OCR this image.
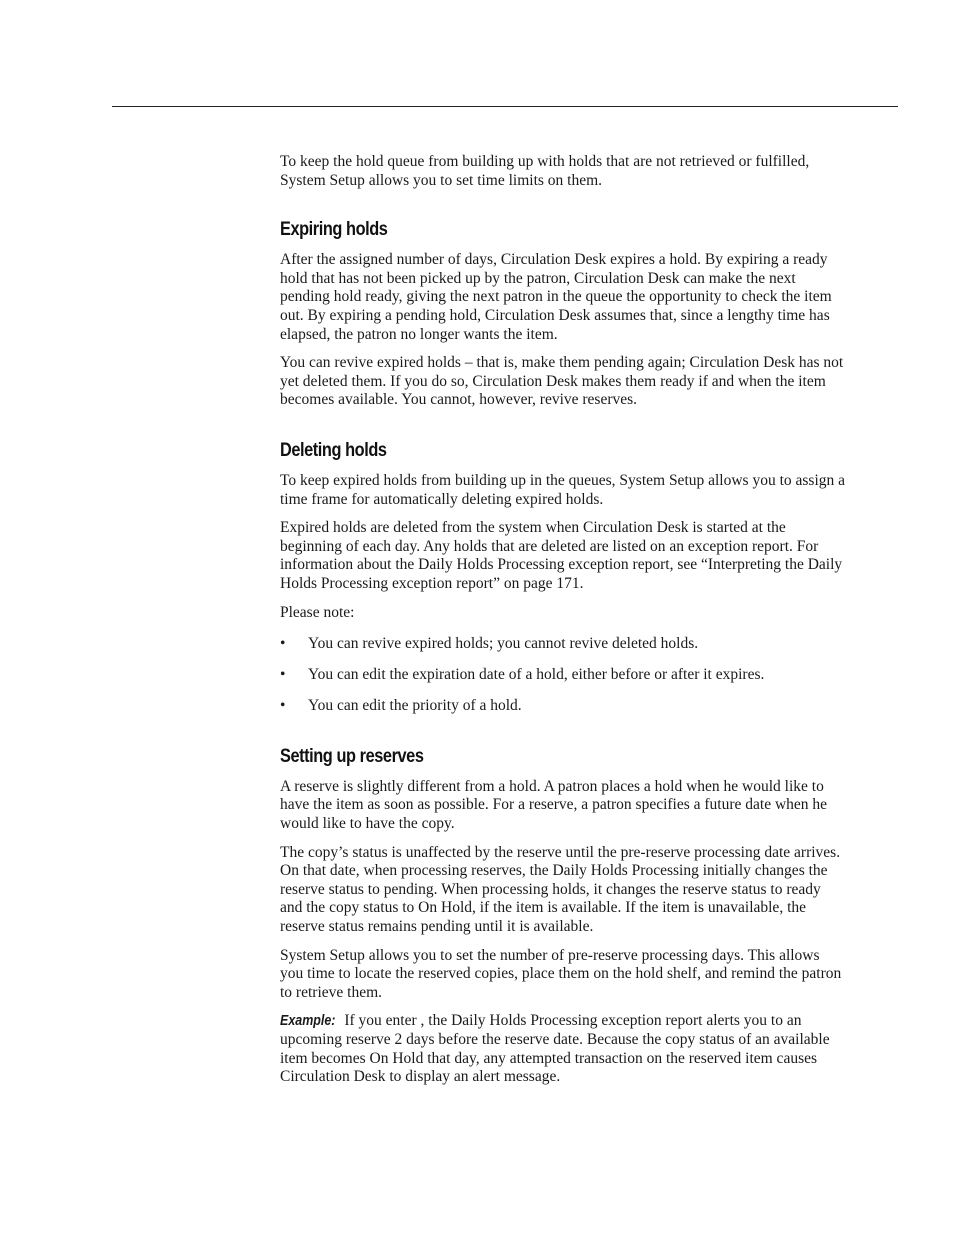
To keep the hold queue from building up with holds that are not retrieved or fulfilled, System Setup allows you to set time limits on them.

Expiring holds

After the assigned number of days, Circulation Desk expires a hold. By expiring a ready hold that has not been picked up by the patron, Circulation Desk can make the next pending hold ready, giving the next patron in the queue the opportunity to check the item out. By expiring a pending hold, Circulation Desk assumes that, since a lengthy time has elapsed, the patron no longer wants the item.

You can revive expired holds – that is, make them pending again; Circulation Desk has not yet deleted them. If you do so, Circulation Desk makes them ready if and when the item becomes available. You cannot, however, revive reserves.

Deleting holds

To keep expired holds from building up in the queues, System Setup allows you to assign a time frame for automatically deleting expired holds.

Expired holds are deleted from the system when Circulation Desk is started at the beginning of each day. Any holds that are deleted are listed on an exception report. For information about the Daily Holds Processing exception report, see “Interpreting the Daily Holds Processing exception report” on page 171.

Please note:

• You can revive expired holds; you cannot revive deleted holds.
• You can edit the expiration date of a hold, either before or after it expires.
• You can edit the priority of a hold.
Setting up reserves

A reserve is slightly different from a hold. A patron places a hold when he would like to have the item as soon as possible. For a reserve, a patron specifies a future date when he would like to have the copy.

The copy’s status is unaffected by the reserve until the pre-reserve processing date arrives. On that date, when processing reserves, the Daily Holds Processing initially changes the reserve status to pending. When processing holds, it changes the reserve status to ready and the copy status to On Hold, if the item is available. If the item is unavailable, the reserve status remains pending until it is available.

System Setup allows you to set the number of pre-reserve processing days. This allows you time to locate the reserved copies, place them on the hold shelf, and remind the patron to retrieve them.

Example: If you enter , the Daily Holds Processing exception report alerts you to an upcoming reserve 2 days before the reserve date. Because the copy status of an available item becomes On Hold that day, any attempted transaction on the reserved item causes Circulation Desk to display an alert message.
